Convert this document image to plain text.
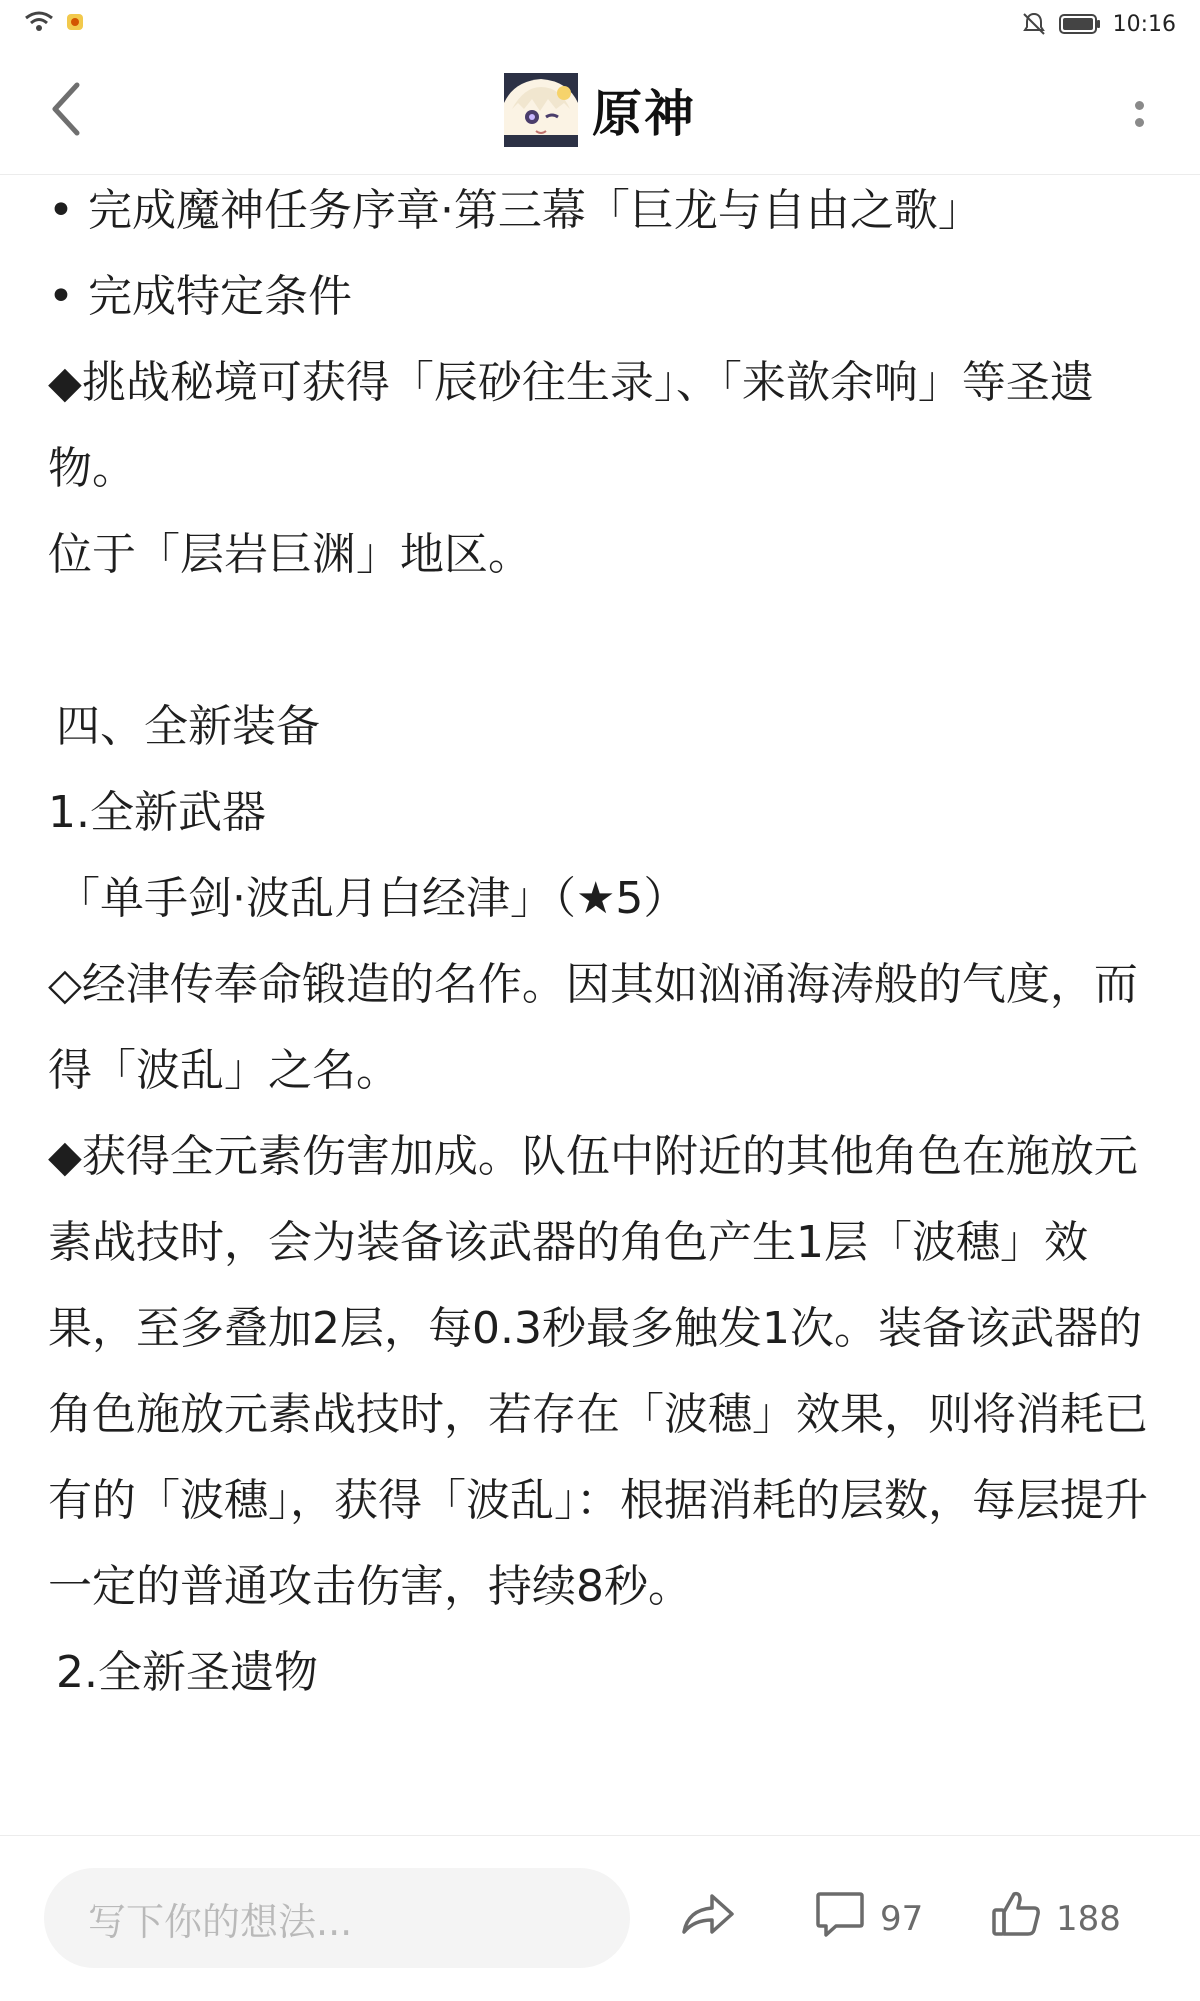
10:16
原神
• 完成魔神任务序章·第三幕「巨龙与自由之歌」
• 完成特定条件
◆挑战秘境可获得「辰砂往生录」、「来歆余响」等圣遗物。
位于「层岩巨渊」地区。
四、全新装备
1.全新武器
「单手剑·波乱月白经津」（★5）
◇经津传奉命锻造的名作。因其如汹涌海涛般的气度，而得「波乱」之名。
◆获得全元素伤害加成。队伍中附近的其他角色在施放元素战技时，会为装备该武器的角色产生1层「波穗」效果，至多叠加2层，每0.3秒最多触发1次。装备该武器的角色施放元素战技时，若存在「波穗」效果，则将消耗已有的「波穗」，获得「波乱」：根据消耗的层数，每层提升一定的普通攻击伤害，持续8秒。
2.全新圣遗物
写下你的想法...	97	188
